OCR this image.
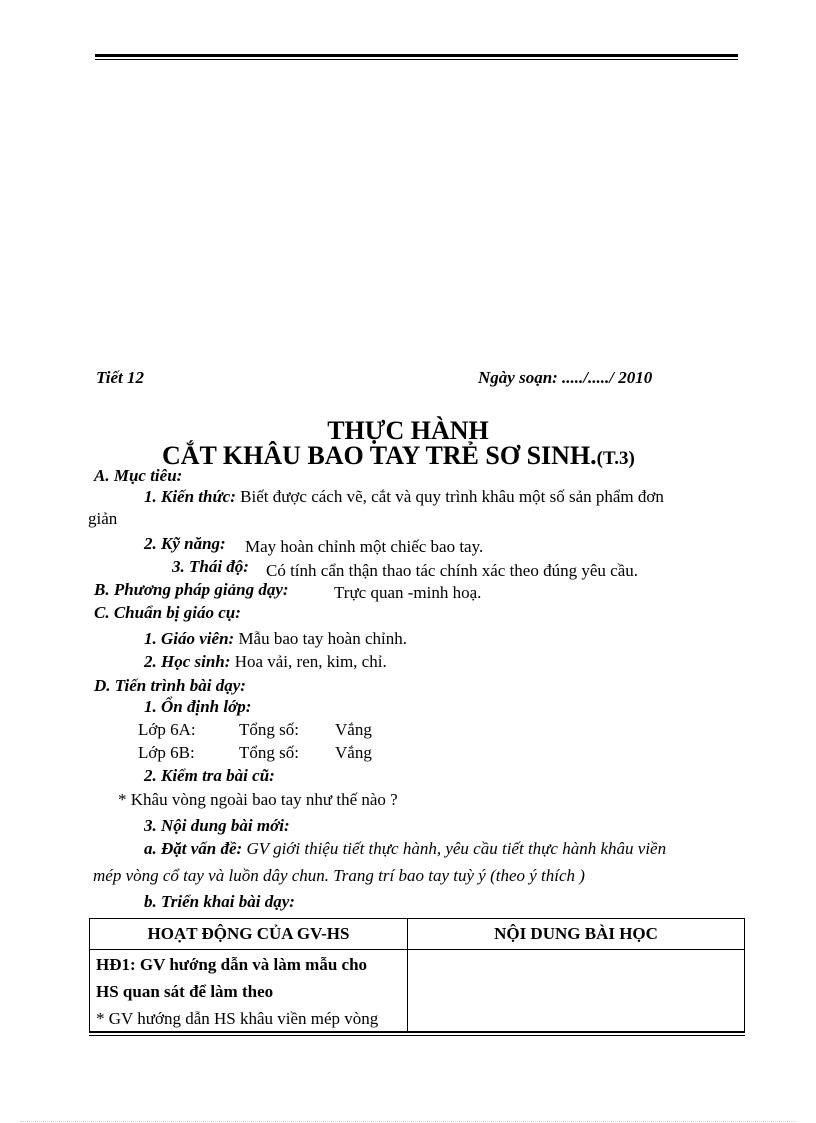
Tiết 12	Ngày soạn: ...../...../ 2010
THỰC HÀNH
CẮT KHÂU BAO TAY TRẺ SƠ SINH.(T.3)
A. Mục tiêu:
1. Kiến thức: Biết được cách vẽ, cắt và quy trình khâu một số sản phẩm đơn
giản
2. Kỹ năng: May hoàn chỉnh một chiếc bao tay.
3. Thái độ: Có tính cẩn thận thao tác chính xác theo đúng yêu cầu.
B. Phương pháp giảng dạy:	Trực quan -minh hoạ.
C. Chuẩn bị giáo cụ:
1. Giáo viên: Mẫu bao tay hoàn chỉnh.
2. Học sinh: Hoa vải, ren, kim, chỉ.
D. Tiến trình bài dạy:
1. Ổn định lớp:
Lớp 6A:	Tổng số: Vắng
Lớp 6B:	Tổng số: Vắng
2. Kiểm tra bài cũ:
* Khâu vòng ngoài bao tay như thế nào ?
3. Nội dung bài mới:
a. Đặt vấn đề: GV giới thiệu tiết thực hành, yêu cầu tiết thực hành khâu viền
mép vòng cổ tay và luồn dây chun. Trang trí bao tay tuỳ ý (theo ý thích )
b. Triển khai bài dạy:
HOẠT ĐỘNG CỦA GV-HS	NỘI DUNG BÀI HỌC

HĐ1: GV hướng dẫn và làm mẫu cho
HS quan sát để làm theo
* GV hướng dẫn HS khâu viền mép vòng	
